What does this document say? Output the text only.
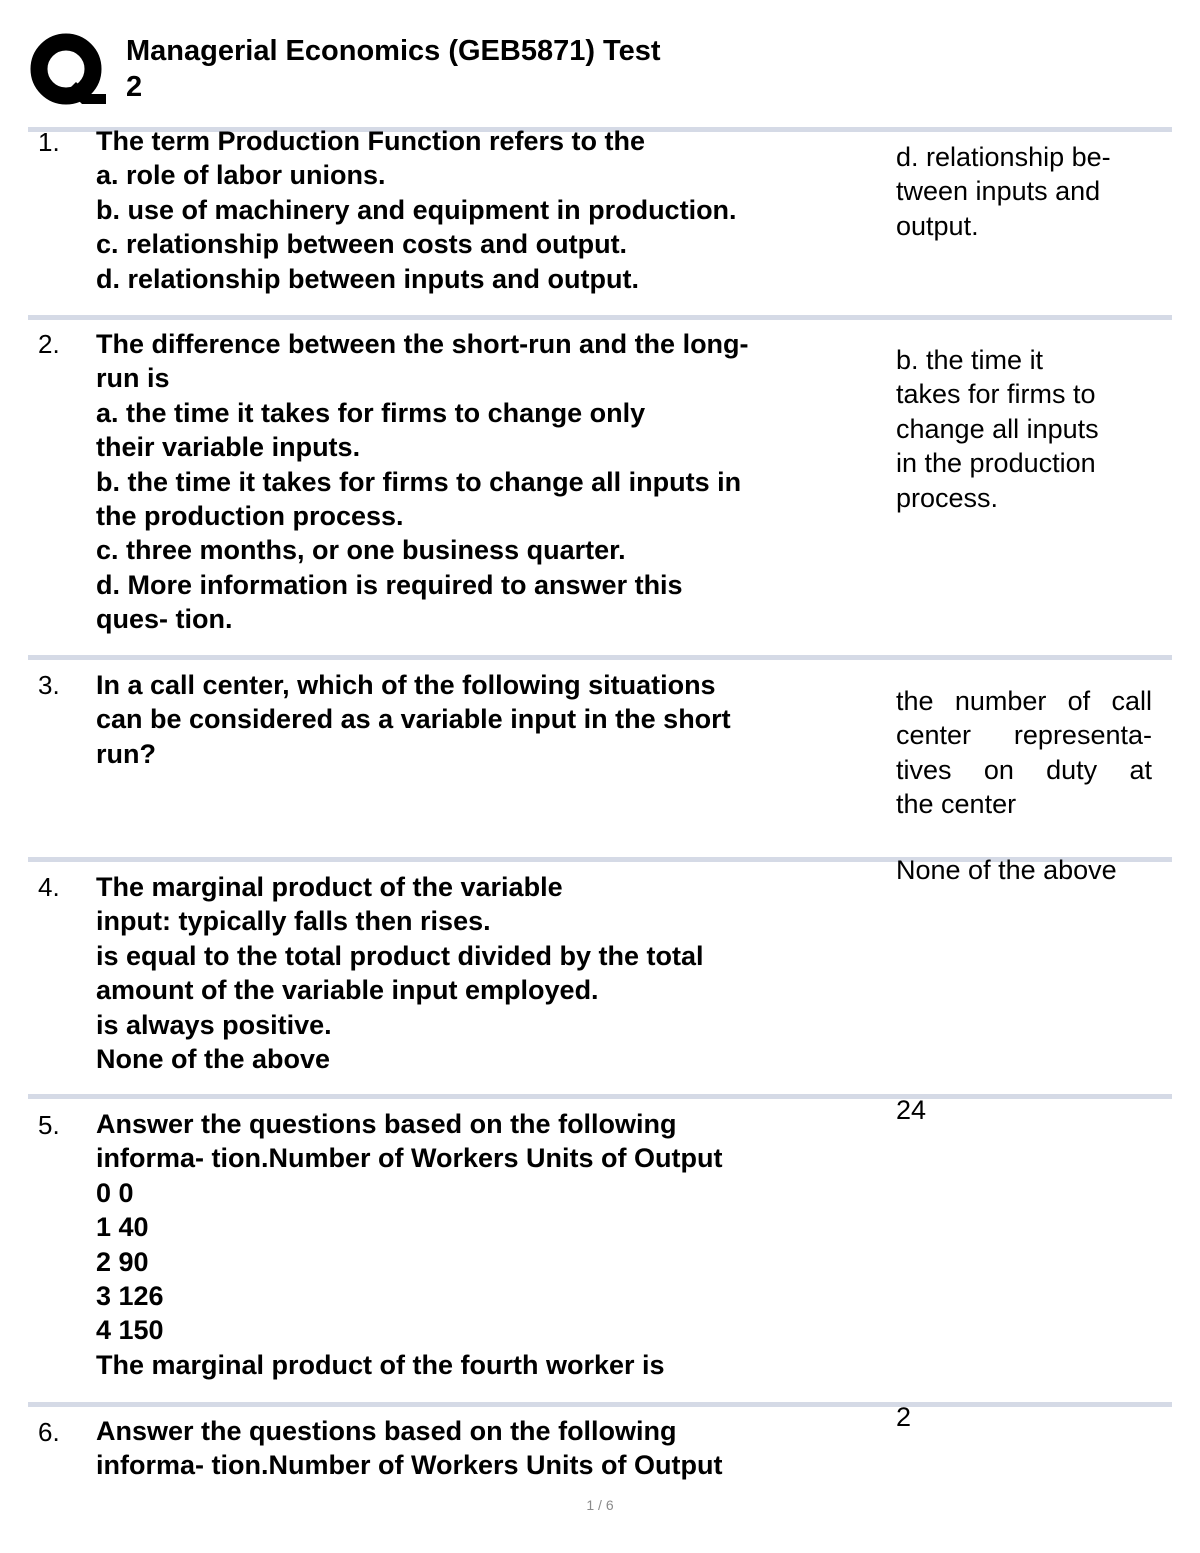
Managerial Economics (GEB5871) Test
2
1. The term Production Function refers to the
a. role of labor unions.
b. use of machinery and equipment in production.
c. relationship between costs and output.
d. relationship between inputs and output.
d. relationship be-
tween inputs and
output.
2. The difference between the short-run and the long-
run is
a. the time it takes for firms to change only
their variable inputs.
b. the time it takes for firms to change all inputs in
the production process.
c. three months, or one business quarter.
d. More information is required to answer this
ques- tion.
b. the time it
takes for firms to
change all inputs
in the production
process.
3. In a call center, which of the following situations
can be considered as a variable input in the short
run?
the number of call
center representa-
tives on duty at
the center
4. The marginal product of the variable
input: typically falls then rises.
is equal to the total product divided by the total
amount of the variable input employed.
is always positive.
None of the above
None of the above
5. Answer the questions based on the following
informa- tion.Number of Workers Units of Output
0 0
1 40
2 90
3 126
4 150
The marginal product of the fourth worker is
24
6. Answer the questions based on the following
informa- tion.Number of Workers Units of Output
2
1 / 6
